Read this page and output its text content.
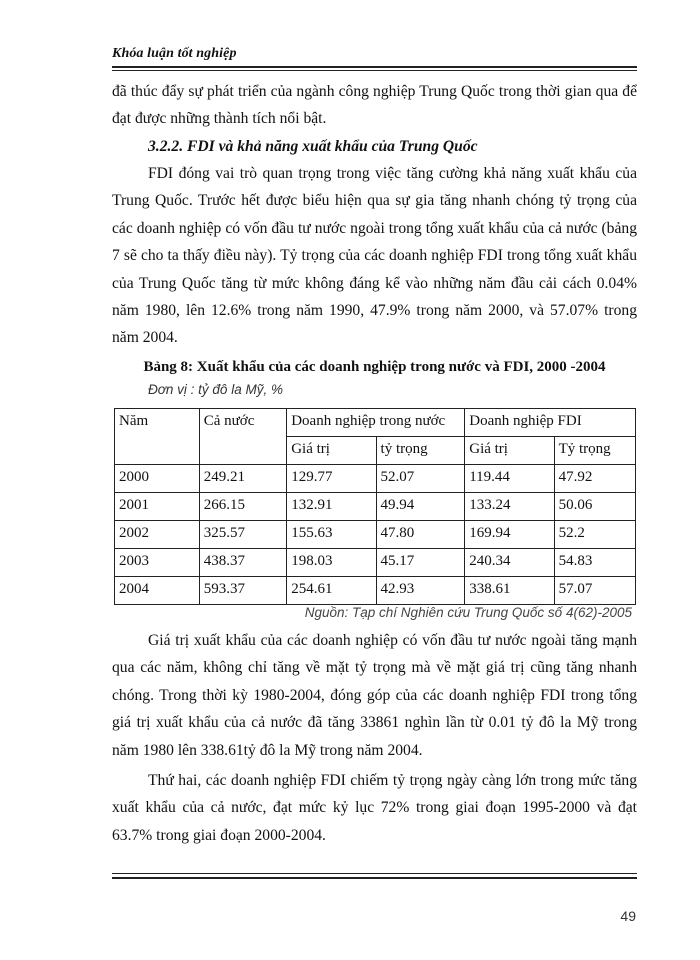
Khóa luận tốt nghiệp

đã thúc đẩy sự phát triển của ngành công nghiệp Trung Quốc trong thời gian qua để đạt được những thành tích nổi bật.

3.2.2. FDI và khả năng xuất khẩu của Trung Quốc

FDI đóng vai trò quan trọng trong việc tăng cường khả năng xuất khẩu của Trung Quốc. Trước hết được biểu hiện qua sự gia tăng nhanh chóng tỷ trọng của các doanh nghiệp có vốn đầu tư nước ngoài trong tổng xuất khẩu của cả nước (bảng 7 sẽ cho ta thấy điều này). Tỷ trọng của các doanh nghiệp FDI trong tổng xuất khẩu của Trung Quốc tăng từ mức không đáng kể vào những năm đầu cải cách 0.04% năm 1980, lên 12.6% trong năm 1990, 47.9% trong năm 2000, và 57.07% trong năm 2004.

Bảng 8: Xuất khẩu của các doanh nghiệp trong nước và FDI, 2000 -2004
Đơn vị : tỷ đô la Mỹ, %
Năm	Cả nước	Doanh nghiệp trong nước		Doanh nghiệp FDI	
		Giá trị	tỷ trọng	Giá trị	Tỷ trọng
2000	249.21	129.77	52.07	119.44	47.92
2001	266.15	132.91	49.94	133.24	50.06
2002	325.57	155.63	47.80	169.94	52.2
2003	438.37	198.03	45.17	240.34	54.83
2004	593.37	254.61	42.93	338.61	57.07
Nguồn: Tạp chí Nghiên cứu Trung Quốc số 4(62)-2005

Giá trị xuất khẩu của các doanh nghiệp có vốn đầu tư nước ngoài tăng mạnh qua các năm, không chỉ tăng về mặt tỷ trọng mà về mặt giá trị cũng tăng nhanh chóng. Trong thời kỳ 1980-2004, đóng góp của các doanh nghiệp FDI trong tổng giá trị xuất khẩu của cả nước đã tăng 33861 nghìn lần từ 0.01 tỷ đô la Mỹ trong năm 1980 lên 338.61tỷ đô la Mỹ trong năm 2004.

Thứ hai, các doanh nghiệp FDI chiếm tỷ trọng ngày càng lớn trong mức tăng xuất khẩu của cả nước, đạt mức kỷ lục 72% trong giai đoạn 1995-2000 và đạt 63.7% trong giai đoạn 2000-2004.

49
